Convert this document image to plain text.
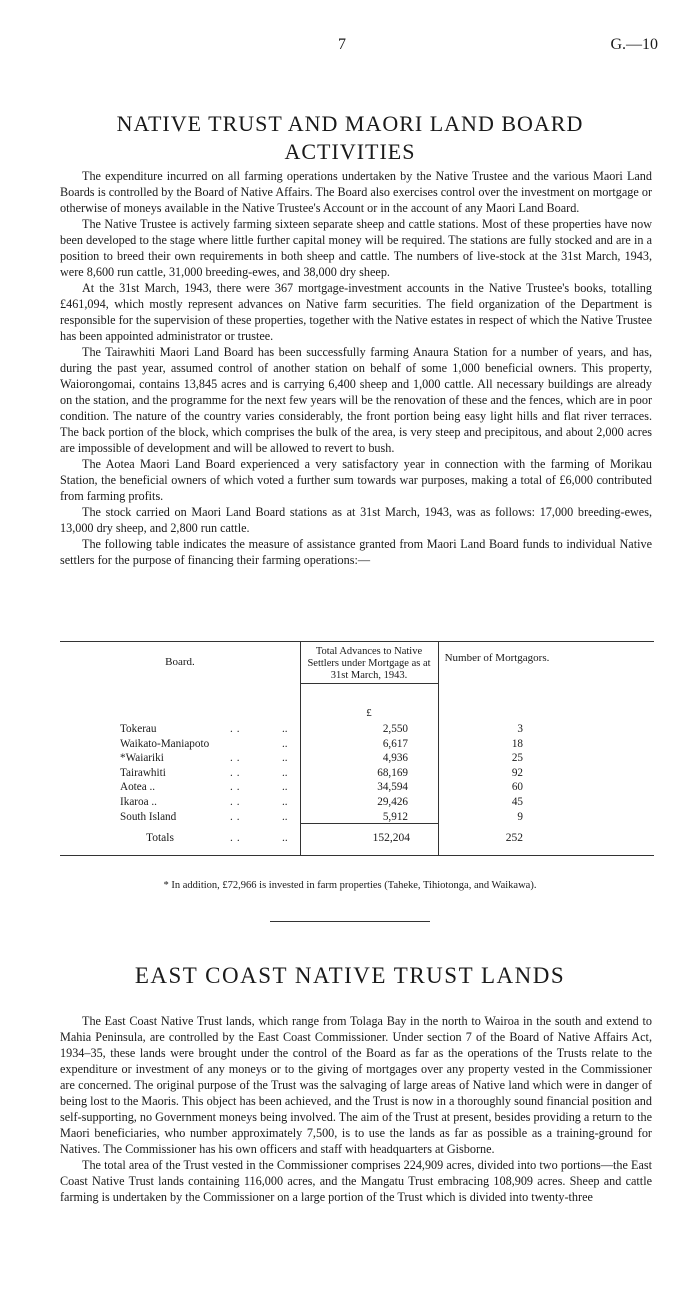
7	G.—10
NATIVE TRUST AND MAORI LAND BOARD
ACTIVITIES

The expenditure incurred on all farming operations undertaken by the Native Trustee and the various Maori Land Boards is controlled by the Board of Native Affairs. The Board also exercises control over the investment on mortgage or otherwise of moneys available in the Native Trustee's Account or in the account of any Maori Land Board.

The Native Trustee is actively farming sixteen separate sheep and cattle stations. Most of these properties have now been developed to the stage where little further capital money will be required. The stations are fully stocked and are in a position to breed their own requirements in both sheep and cattle. The numbers of live-stock at the 31st March, 1943, were 8,600 run cattle, 31,000 breeding-ewes, and 38,000 dry sheep.

At the 31st March, 1943, there were 367 mortgage-investment accounts in the Native Trustee's books, totalling £461,094, which mostly represent advances on Native farm securities. The field organization of the Department is responsible for the supervision of these properties, together with the Native estates in respect of which the Native Trustee has been appointed administrator or trustee.

The Tairawhiti Maori Land Board has been successfully farming Anaura Station for a number of years, and has, during the past year, assumed control of another station on behalf of some 1,000 beneficial owners. This property, Waiorongomai, contains 13,845 acres and is carrying 6,400 sheep and 1,000 cattle. All necessary buildings are already on the station, and the programme for the next few years will be the renovation of these and the fences, which are in poor condition. The nature of the country varies considerably, the front portion being easy light hills and flat river terraces. The back portion of the block, which comprises the bulk of the area, is very steep and precipitous, and about 2,000 acres are impossible of development and will be allowed to revert to bush.

The Aotea Maori Land Board experienced a very satisfactory year in connection with the farming of Morikau Station, the beneficial owners of which voted a further sum towards war purposes, making a total of £6,000 contributed from farming profits.

The stock carried on Maori Land Board stations as at 31st March, 1943, was as follows: 17,000 breeding-ewes, 13,000 dry sheep, and 2,800 run cattle.

The following table indicates the measure of assistance granted from Maori Land Board funds to individual Native settlers for the purpose of financing their farming operations:—

Board.
Total Advances to Native Settlers under Mortgage as at 31st March, 1943.
Number of Mortgagors.
£
Tokerau	..	..	2,550	3
Waikato-Maniapoto	..	6,617	18
*Waiariki	..	..	4,936	25
Tairawhiti	..	..	68,169	92
Aotea ..	..	..	34,594	60
Ikaroa ..	..	..	29,426	45
South Island	..	..	5,912	9
Totals	..	..	152,204	252
* In addition, £72,966 is invested in farm properties (Taheke, Tihiotonga, and Waikawa).
EAST COAST NATIVE TRUST LANDS

The East Coast Native Trust lands, which range from Tolaga Bay in the north to Wairoa in the south and extend to Mahia Peninsula, are controlled by the East Coast Commissioner. Under section 7 of the Board of Native Affairs Act, 1934–35, these lands were brought under the control of the Board as far as the operations of the Trusts relate to the expenditure or investment of any moneys or to the giving of mortgages over any property vested in the Commissioner are concerned. The original purpose of the Trust was the salvaging of large areas of Native land which were in danger of being lost to the Maoris. This object has been achieved, and the Trust is now in a thoroughly sound financial position and self-supporting, no Government moneys being involved. The aim of the Trust at present, besides providing a return to the Maori beneficiaries, who number approximately 7,500, is to use the lands as far as possible as a training-ground for Natives. The Commissioner has his own officers and staff with headquarters at Gisborne.

The total area of the Trust vested in the Commissioner comprises 224,909 acres, divided into two portions—the East Coast Native Trust lands containing 116,000 acres, and the Mangatu Trust embracing 108,909 acres. Sheep and cattle farming is undertaken by the Commissioner on a large portion of the Trust which is divided into twenty-three
